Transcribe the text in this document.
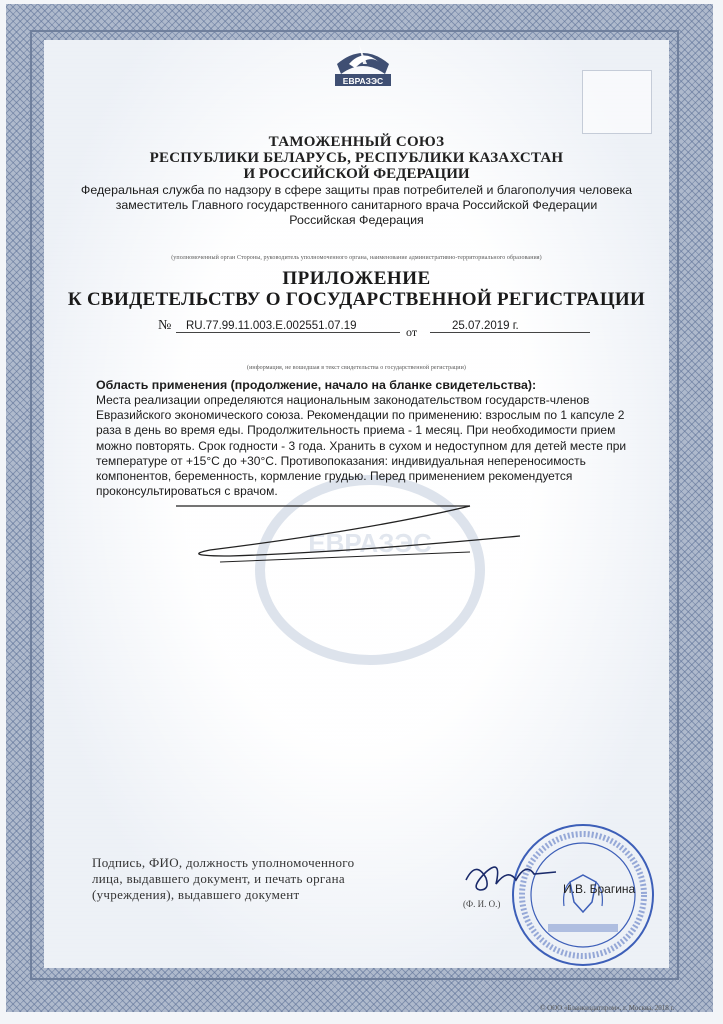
ЕВРАЗЭС
ТАМОЖЕННЫЙ СОЮЗ
РЕСПУБЛИКИ БЕЛАРУСЬ, РЕСПУБЛИКИ КАЗАХСТАН
И РОССИЙСКОЙ ФЕДЕРАЦИИ
Федеральная служба по надзору в сфере защиты прав потребителей и благополучия человека
заместитель Главного государственного санитарного врача Российской Федерации
Российская Федерация
(уполномоченный орган Стороны, руководитель уполномоченного органа, наименование административно-территориального образования)
ПРИЛОЖЕНИЕ
К СВИДЕТЕЛЬСТВУ О ГОСУДАРСТВЕННОЙ РЕГИСТРАЦИИ
№	RU.77.99.11.003.E.002551.07.19	от	25.07.2019 г.
(информация, не вошедшая в текст свидетельства о государственной регистрации)
ЕВРАЗЭС
Область применения (продолжение, начало на бланке свидетельства):
Места реализации определяются национальным законодательством государств-членов
Евразийского экономического союза. Рекомендации по применению: взрослым по 1 капсуле 2
раза в день во время еды. Продолжительность приема - 1 месяц. При необходимости прием
можно повторять. Срок годности - 3 года. Хранить в сухом и недоступном для детей месте при
температуре от +15°C до +30°C. Противопоказания: индивидуальная непереносимость
компонентов, беременность, кормление грудью. Перед применением рекомендуется
проконсультироваться с врачом.
Подпись, ФИО, должность уполномоченного
лица, выдавшего документ, и печать органа
(учреждения), выдавшего документ	И.В. Брагина
(Ф. И. О.)
© ООО «Бланкиздатпром», г. Москва, 2018 г.
